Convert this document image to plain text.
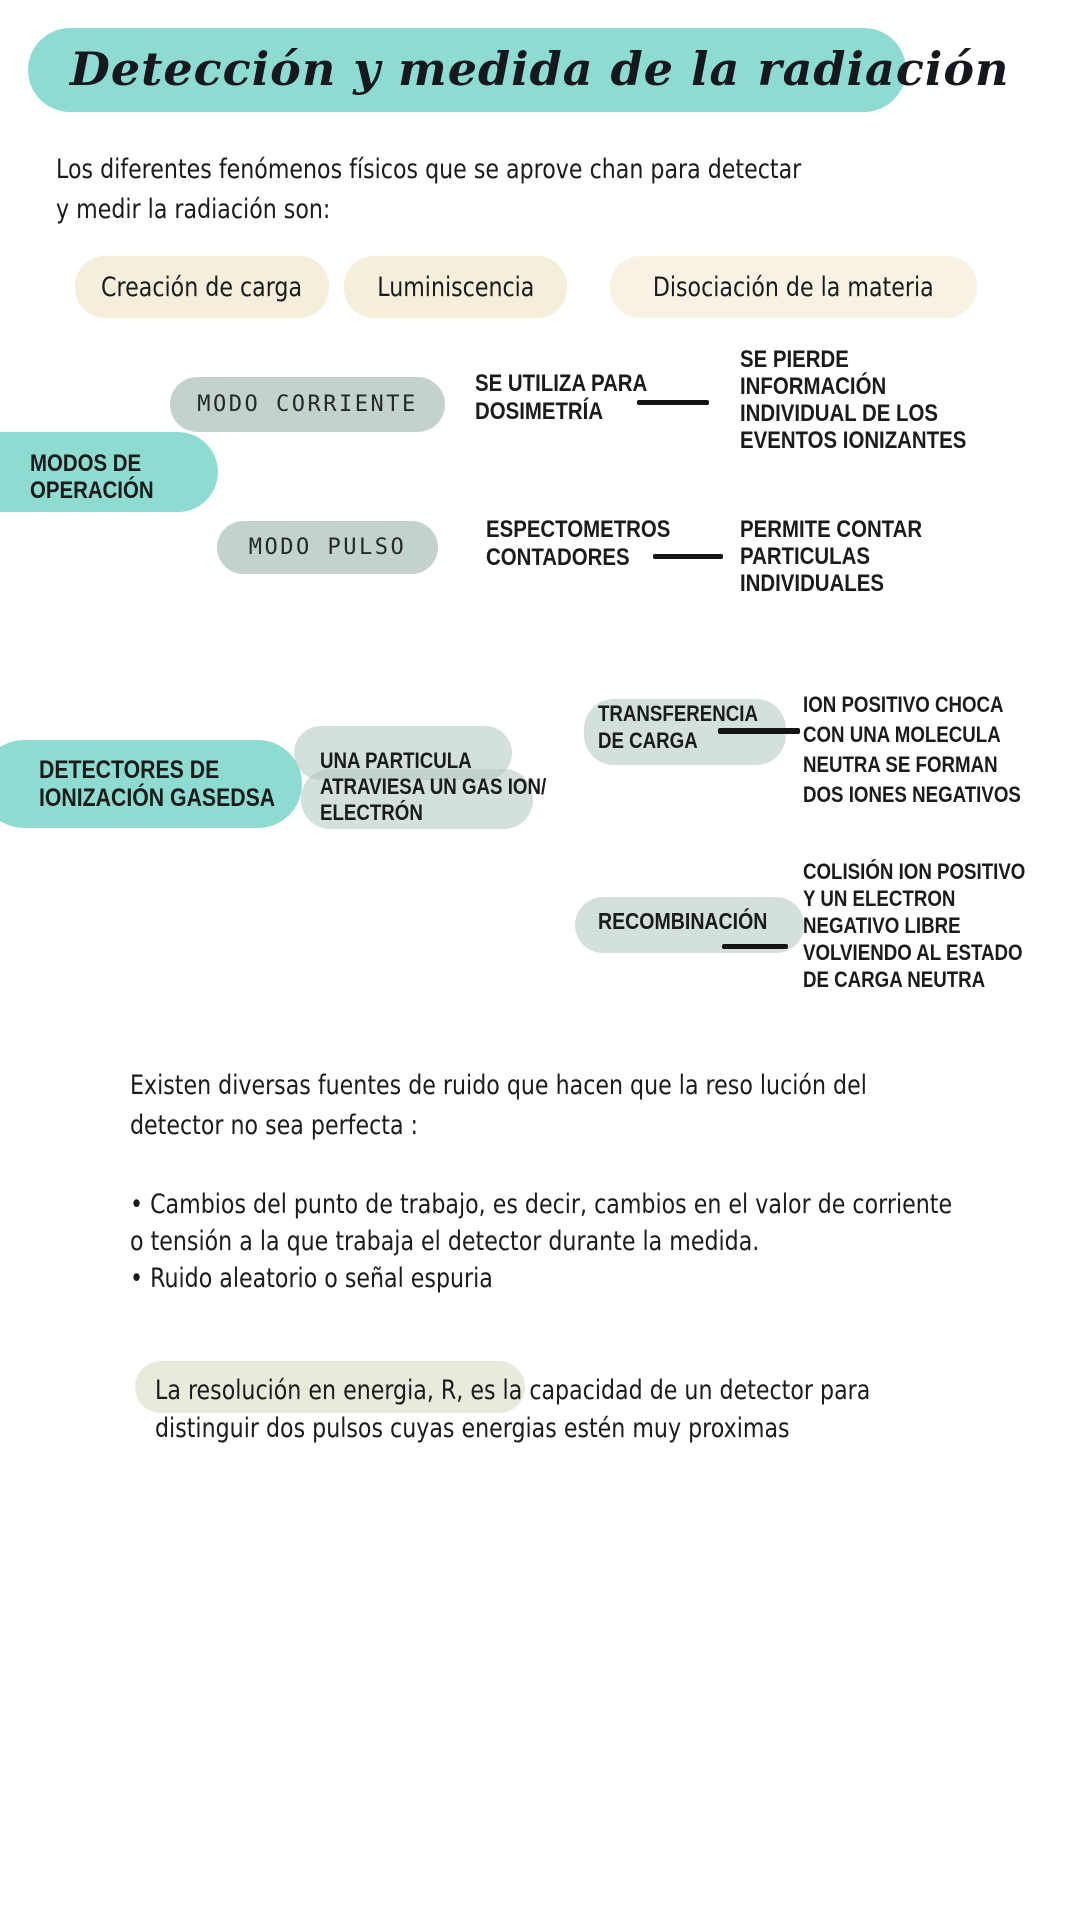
Detección y medida de la radiación
Los diferentes fenómenos físicos que se aprove chan para detectar
y medir la radiación son:
Creación de carga	Luminiscencia	Disociación de la materia
MODO CORRIENTE
SE UTILIZA PARA
DOSIMETRÍA
SE PIERDE
INFORMACIÓN
INDIVIDUAL DE LOS
EVENTOS IONIZANTES
MODOS DE
OPERACIÓN
MODO PULSO
ESPECTOMETROS
CONTADORES
PERMITE CONTAR
PARTICULAS
INDIVIDUALES
TRANSFERENCIA
DE CARGA
ION POSITIVO CHOCA
CON UNA MOLECULA
NEUTRA SE FORMAN
DOS IONES NEGATIVOS
DETECTORES DE
IONIZACIÓN GASEDSA
UNA PARTICULA
ATRAVIESA UN GAS ION/
ELECTRÓN
RECOMBINACIÓN
COLISIÓN ION POSITIVO
Y UN ELECTRON
NEGATIVO LIBRE
VOLVIENDO AL ESTADO
DE CARGA NEUTRA
Existen diversas fuentes de ruido que hacen que la reso lución del
detector no sea perfecta :
• Cambios del punto de trabajo, es decir, cambios en el valor de corriente
o tensión a la que trabaja el detector durante la medida.
• Ruido aleatorio o señal espuria
La resolución en energia, R, es la capacidad de un detector para
distinguir dos pulsos cuyas energias estén muy proximas
